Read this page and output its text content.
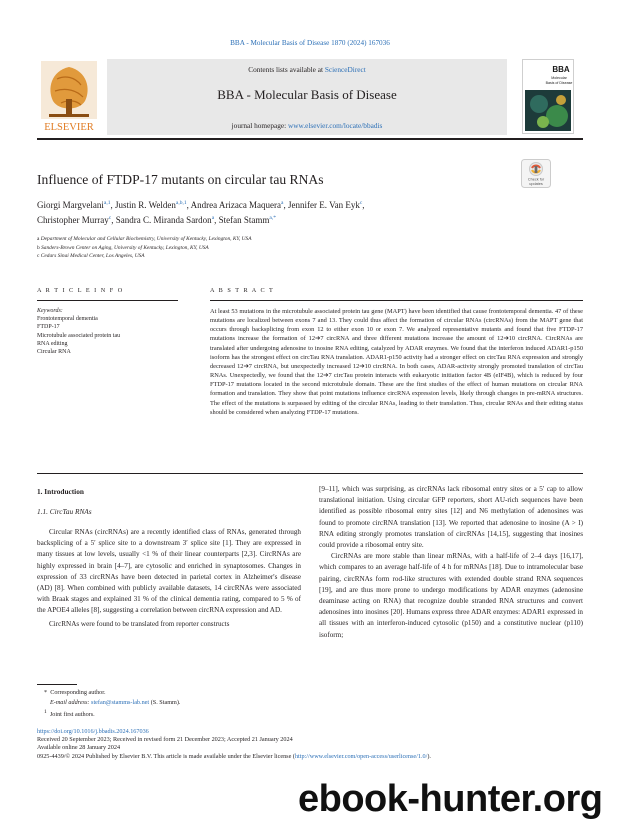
BBA - Molecular Basis of Disease 1870 (2024) 167036
ELSEVIER
Contents lists available at ScienceDirect
BBA - Molecular Basis of Disease
journal homepage: www.elsevier.com/locate/bbadis
BBA
Molecular
Basis of Disease
Influence of FTDP-17 mutants on circular tau RNAs	Check for
updates
Giorgi Margvelani$^{a,1}$, Justin R. Welden$^{a,b,1}$, Andrea Arizaca Maquera$^a$, Jennifer E. Van Eyk$^c$,
Christopher Murray$^c$, Sandra C. Miranda Sardon$^a$, Stefan Stamm$^{a,*}$
a Department of Molecular and Cellular Biochemistry, University of Kentucky, Lexington, KY, USA
b Sanders-Brown Center on Aging, University of Kentucky, Lexington, KY, USA
c Cedars Sinai Medical Center, Los Angeles, USA
A R T I C L E I N F O	A B S T R A C T
Keywords:
Frontotemporal dementia
FTDP-17
Microtubule associated protein tau
RNA editing
Circular RNA
At least 53 mutations in the microtubule associated protein tau gene (MAPT) have been identified that cause frontotemporal dementia. 47 of these mutations are localized between exons 7 and 13. They could thus affect the formation of circular RNAs (circRNAs) from the MAPT gene that occurs through backsplicing from exon 12 to either exon 10 or exon 7. We analyzed representative mutants and found that five FTDP-17 mutations increase the formation of 12➔7 circRNA and three different mutations increase the amount of 12➔10 circRNA. CircRNAs are translated after undergoing adenosine to inosine RNA editing, catalyzed by ADAR enzymes. We found that the interferon induced ADAR1-p150 isoform has the strongest effect on circTau RNA translation. ADAR1-p150 activity had a stronger effect on circTau RNA expression and strongly decreased 12➔7 circRNA, but unexpectedly increased 12➔10 circRNA. In both cases, ADAR-activity strongly promoted translation of circTau RNAs. Unexpectedly, we found that the 12➔7 circTau protein interacts with eukaryotic initiation factor 4B (eIF4B), which is reduced by four FTDP-17 mutations located in the second microtubule domain. These are the first studies of the effect of human mutations on circular RNA formation and translation. They show that point mutations influence circRNA expression levels, likely through changes in pre-mRNA structures. The effect of the mutations is surpassed by editing of the circular RNAs, leading to their translation. Thus, circular RNAs and their editing status should be considered when analyzing FTDP-17 mutations.
1. Introduction
1.1. CircTau RNAs

Circular RNAs (circRNAs) are a recently identified class of RNAs, generated through backsplicing of a 5′ splice site to a downstream 3′ splice site [1]. They are expressed in many tissues at low levels, usually <1 % of their linear counterparts [2,3]. CircRNAs are highly expressed in brain [4–7], are cytosolic and enriched in synaptosomes. Changes in expression of 33 circRNAs have been detected in parietal cortex in Alzheimer's disease (AD) [8]. When combined with publicly available datasets, 14 circRNAs were associated with Braak stages and explained 31 % of the clinical dementia rating, compared to 5 % of the APOE4 alleles [8], suggesting a correlation between circRNA expression and AD.

CircRNAs were found to be translated from reporter constructs

[9–11], which was surprising, as circRNAs lack ribosomal entry sites or a 5′ cap to allow translational initiation. Using circular GFP reporters, short AU-rich sequences have been identified as possible ribosomal entry sites [12] and N6 methylation of adenosines was found to promote circRNA translation [13]. We reported that adenosine to inosine (A > I) RNA editing strongly promotes translation of circRNAs [14,15], suggesting that inosines could provide a ribosomal entry site.

CircRNAs are more stable than linear mRNAs, with a half-life of 2–4 days [16,17], which compares to an average half-life of 4 h for mRNAs [18]. Due to intramolecular base pairing, circRNAs form rod-like structures with extended double strand RNA sequences [19], and are thus more prone to undergo modifications by ADAR enzymes (adenosine deaminase acting on RNA) that recognize double stranded RNA structures and convert adenosines into inosines [20]. Humans express three ADAR enzymes: ADAR1 expressed in all tissues with an interferon-induced cytosolic (p150) and a constitutive nuclear (p110) isoform;

* Corresponding author.
E-mail address: stefan@stamms-lab.net (S. Stamm).
$^1$ Joint first authors.
https://doi.org/10.1016/j.bbadis.2024.167036
Received 20 September 2023; Received in revised form 21 December 2023; Accepted 21 January 2024
Available online 28 January 2024
0925-4439/© 2024 Published by Elsevier B.V. This article is made available under the Elsevier license (http://www.elsevier.com/open-access/userlicense/1.0/).
ebook-hunter.org
